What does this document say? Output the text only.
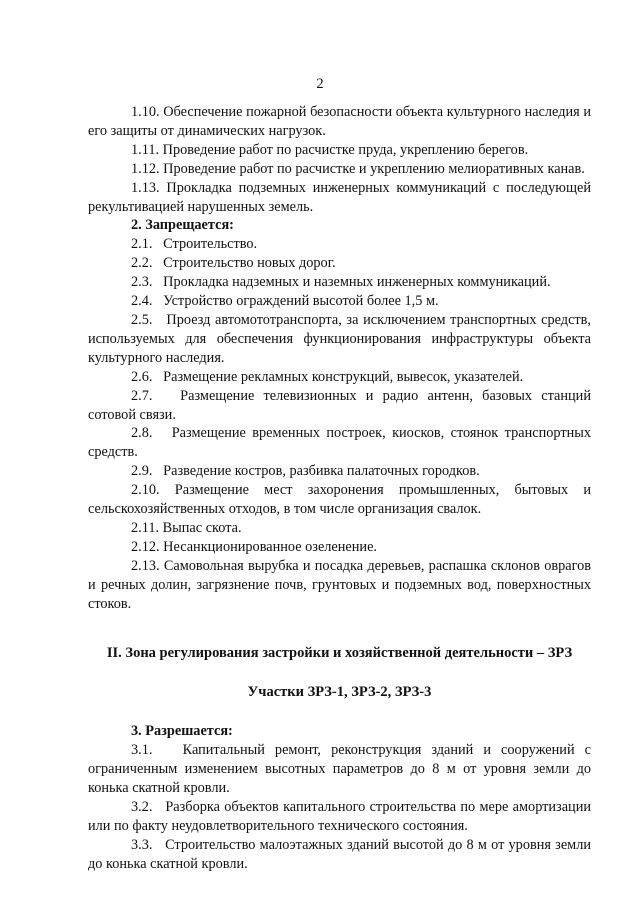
2

1.10. Обеспечение пожарной безопасности объекта культурного наследия и его защиты от динамических нагрузок.

1.11. Проведение работ по расчистке пруда, укреплению берегов.

1.12. Проведение работ по расчистке и укреплению мелиоративных канав.

1.13. Прокладка подземных инженерных коммуникаций с последующей рекультивацией нарушенных земель.

2. Запрещается:

2.1.   Строительство.

2.2.   Строительство новых дорог.

2.3.   Прокладка надземных и наземных инженерных коммуникаций.

2.4.   Устройство ограждений высотой более 1,5 м.

2.5.   Проезд автомототранспорта, за исключением транспортных средств, используемых для обеспечения функционирования инфраструктуры объекта культурного наследия.

2.6.   Размещение рекламных конструкций, вывесок, указателей.

2.7.   Размещение телевизионных и радио антенн, базовых станций сотовой связи.

2.8.   Размещение временных построек, киосков, стоянок транспортных средств.

2.9.   Разведение костров, разбивка палаточных городков.

2.10. Размещение мест захоронения промышленных, бытовых и сельскохозяйственных отходов, в том числе организация свалок.

2.11. Выпас скота.

2.12. Несанкционированное озеленение.

2.13. Самовольная вырубка и посадка деревьев, распашка склонов оврагов и речных долин, загрязнение почв, грунтовых и подземных вод, поверхностных стоков.

II. Зона регулирования застройки и хозяйственной деятельности – ЗРЗ

Участки ЗРЗ-1, ЗРЗ-2, ЗРЗ-3

3. Разрешается:

3.1.   Капитальный ремонт, реконструкция зданий и сооружений с ограниченным изменением высотных параметров до 8 м от уровня земли до конька скатной кровли.

3.2.   Разборка объектов капитального строительства по мере амортизации или по факту неудовлетворительного технического состояния.

3.3.   Строительство малоэтажных зданий высотой до 8 м от уровня земли до конька скатной кровли.
